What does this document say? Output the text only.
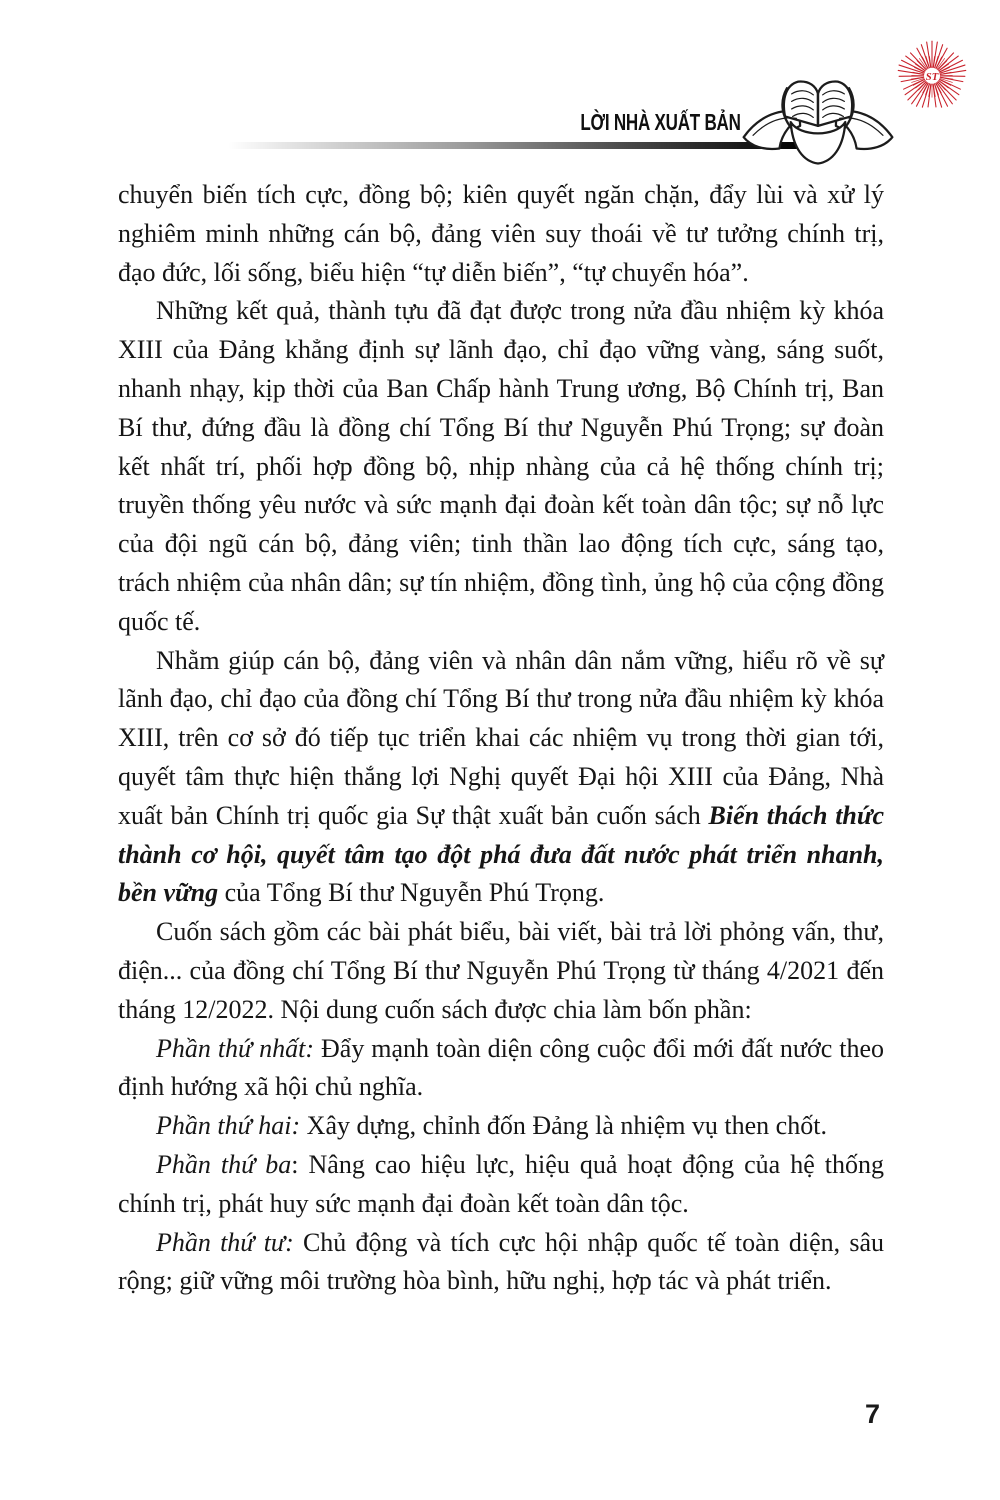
ST
LỜI NHÀ XUẤT BẢN

chuyển biến tích cực, đồng bộ; kiên quyết ngăn chặn, đẩy lùi và xử lý nghiêm minh những cán bộ, đảng viên suy thoái về tư tưởng chính trị, đạo đức, lối sống, biểu hiện “tự diễn biến”, “tự chuyển hóa”.

Những kết quả, thành tựu đã đạt được trong nửa đầu nhiệm kỳ khóa XIII của Đảng khẳng định sự lãnh đạo, chỉ đạo vững vàng, sáng suốt, nhanh nhạy, kịp thời của Ban Chấp hành Trung ương, Bộ Chính trị, Ban Bí thư, đứng đầu là đồng chí Tổng Bí thư Nguyễn Phú Trọng; sự đoàn kết nhất trí, phối hợp đồng bộ, nhịp nhàng của cả hệ thống chính trị; truyền thống yêu nước và sức mạnh đại đoàn kết toàn dân tộc; sự nỗ lực của đội ngũ cán bộ, đảng viên; tinh thần lao động tích cực, sáng tạo, trách nhiệm của nhân dân; sự tín nhiệm, đồng tình, ủng hộ của cộng đồng quốc tế.

Nhằm giúp cán bộ, đảng viên và nhân dân nắm vững, hiểu rõ về sự lãnh đạo, chỉ đạo của đồng chí Tổng Bí thư trong nửa đầu nhiệm kỳ khóa XIII, trên cơ sở đó tiếp tục triển khai các nhiệm vụ trong thời gian tới, quyết tâm thực hiện thắng lợi Nghị quyết Đại hội XIII của Đảng, Nhà xuất bản Chính trị quốc gia Sự thật xuất bản cuốn sách Biến thách thức thành cơ hội, quyết tâm tạo đột phá đưa đất nước phát triển nhanh, bền vững của Tổng Bí thư Nguyễn Phú Trọng.

Cuốn sách gồm các bài phát biểu, bài viết, bài trả lời phỏng vấn, thư, điện... của đồng chí Tổng Bí thư Nguyễn Phú Trọng từ tháng 4/2021 đến tháng 12/2022. Nội dung cuốn sách được chia làm bốn phần:

Phần thứ nhất: Đẩy mạnh toàn diện công cuộc đổi mới đất nước theo định hướng xã hội chủ nghĩa.

Phần thứ hai: Xây dựng, chỉnh đốn Đảng là nhiệm vụ then chốt.

Phần thứ ba: Nâng cao hiệu lực, hiệu quả hoạt động của hệ thống chính trị, phát huy sức mạnh đại đoàn kết toàn dân tộc.

Phần thứ tư: Chủ động và tích cực hội nhập quốc tế toàn diện, sâu rộng; giữ vững môi trường hòa bình, hữu nghị, hợp tác và phát triển.

7
